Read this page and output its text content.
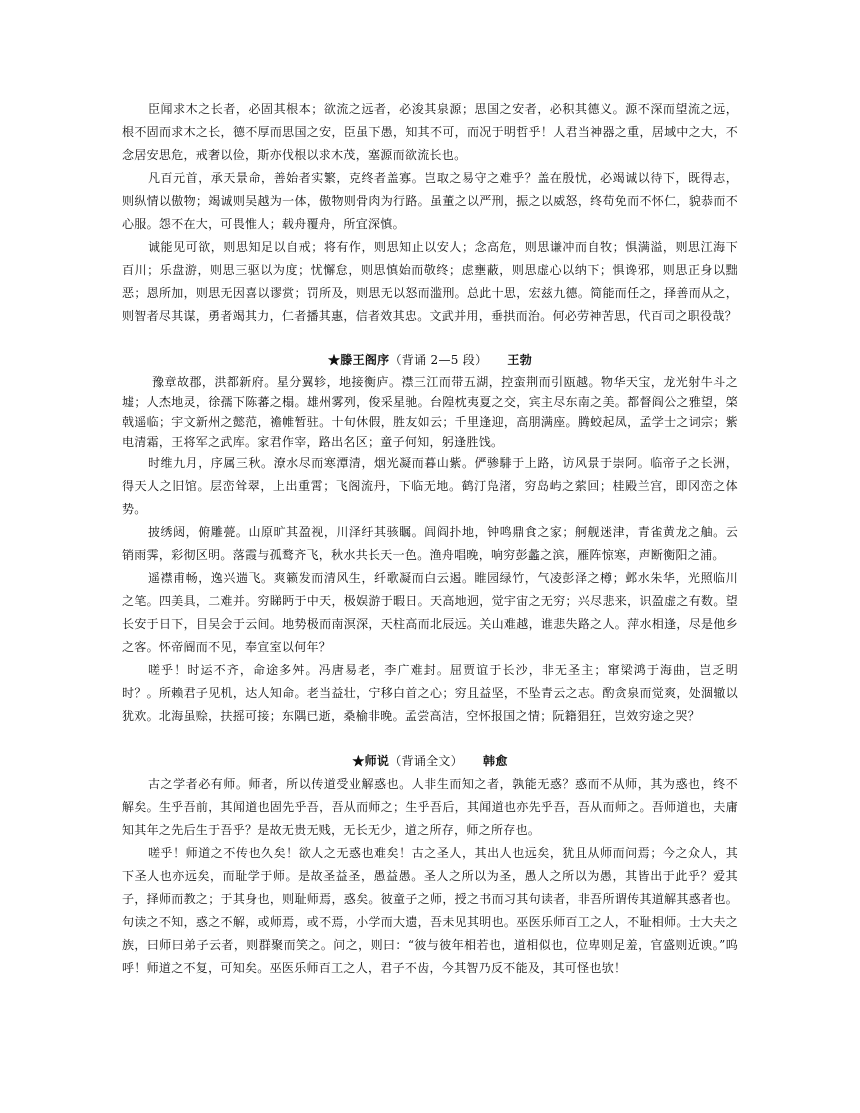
臣闻求木之长者，必固其根本；欲流之远者，必浚其泉源；思国之安者，必积其德义。源不深而望流之远，根不固而求木之长，德不厚而思国之安，臣虽下愚，知其不可，而况于明哲乎！人君当神器之重，居域中之大，不念居安思危，戒奢以俭，斯亦伐根以求木茂，塞源而欲流长也。

凡百元首，承天景命，善始者实繁，克终者盖寡。岂取之易守之难乎？盖在殷忧，必竭诚以待下，既得志，则纵情以傲物；竭诚则吴越为一体，傲物则骨肉为行路。虽董之以严刑，振之以威怒，终苟免而不怀仁，貌恭而不心服。怨不在大，可畏惟人；载舟覆舟，所宜深慎。

诚能见可欲，则思知足以自戒；将有作，则思知止以安人；念高危，则思谦冲而自牧；惧满溢，则思江海下百川；乐盘游，则思三驱以为度；忧懈怠，则思慎始而敬终；虑壅蔽，则思虚心以纳下；惧谗邪，则思正身以黜恶；恩所加，则思无因喜以谬赏；罚所及，则思无以怒而滥刑。总此十思，宏兹九德。简能而任之，择善而从之，则智者尽其谋，勇者竭其力，仁者播其惠，信者效其忠。文武并用，垂拱而治。何必劳神苦思，代百司之职役哉？

★滕王阁序（背诵 2—5 段） 王勃

豫章故郡，洪都新府。星分翼轸，地接衡庐。襟三江而带五湖，控蛮荆而引瓯越。物华天宝，龙光射牛斗之墟；人杰地灵，徐孺下陈蕃之榻。雄州雾列，俊采星驰。台隍枕夷夏之交，宾主尽东南之美。都督阎公之雅望，棨戟遥临；宇文新州之懿范，襜帷暂驻。十旬休假，胜友如云；千里逢迎，高朋满座。腾蛟起凤，孟学士之词宗；紫电清霜，王将军之武库。家君作宰，路出名区；童子何知，躬逢胜饯。

时维九月，序属三秋。潦水尽而寒潭清，烟光凝而暮山紫。俨骖騑于上路，访风景于崇阿。临帝子之长洲，得天人之旧馆。层峦耸翠，上出重霄；飞阁流丹，下临无地。鹤汀凫渚，穷岛屿之萦回；桂殿兰宫，即冈峦之体势。

披绣闼，俯雕甍。山原旷其盈视，川泽纡其骇瞩。闾阎扑地，钟鸣鼎食之家；舸舰迷津，青雀黄龙之舳。云销雨霁，彩彻区明。落霞与孤鹜齐飞，秋水共长天一色。渔舟唱晚，响穷彭蠡之滨，雁阵惊寒，声断衡阳之浦。

遥襟甫畅，逸兴遄飞。爽籁发而清风生，纤歌凝而白云遏。睢园绿竹，气凌彭泽之樽；邺水朱华，光照临川之笔。四美具，二难并。穷睇眄于中天，极娱游于暇日。天高地迥，觉宇宙之无穷；兴尽悲来，识盈虚之有数。望长安于日下，目吴会于云间。地势极而南溟深，天柱高而北辰远。关山难越，谁悲失路之人。萍水相逢，尽是他乡之客。怀帝阍而不见，奉宣室以何年？

嗟乎！时运不齐，命途多舛。冯唐易老，李广难封。屈贾谊于长沙，非无圣主；窜梁鸿于海曲，岂乏明时？。所赖君子见机，达人知命。老当益壮，宁移白首之心；穷且益坚，不坠青云之志。酌贪泉而觉爽，处涸辙以犹欢。北海虽赊，扶摇可接；东隅已逝，桑榆非晚。孟尝高洁，空怀报国之情；阮籍猖狂，岂效穷途之哭？

★师说（背诵全文） 韩愈

古之学者必有师。师者，所以传道受业解惑也。人非生而知之者，孰能无惑？惑而不从师，其为惑也，终不解矣。生乎吾前，其闻道也固先乎吾，吾从而师之；生乎吾后，其闻道也亦先乎吾，吾从而师之。吾师道也，夫庸知其年之先后生于吾乎？是故无贵无贱，无长无少，道之所存，师之所存也。

嗟乎！师道之不传也久矣！欲人之无惑也难矣！古之圣人，其出人也远矣，犹且从师而问焉；今之众人，其下圣人也亦远矣，而耻学于师。是故圣益圣，愚益愚。圣人之所以为圣，愚人之所以为愚，其皆出于此乎？爱其子，择师而教之；于其身也，则耻师焉，惑矣。彼童子之师，授之书而习其句读者，非吾所谓传其道解其惑者也。句读之不知，惑之不解，或师焉，或不焉，小学而大遗，吾未见其明也。巫医乐师百工之人，不耻相师。士大夫之族，曰师曰弟子云者，则群聚而笑之。问之，则曰：“彼与彼年相若也，道相似也，位卑则足羞，官盛则近谀。”呜呼！师道之不复，可知矣。巫医乐师百工之人，君子不齿，今其智乃反不能及，其可怪也欤！
